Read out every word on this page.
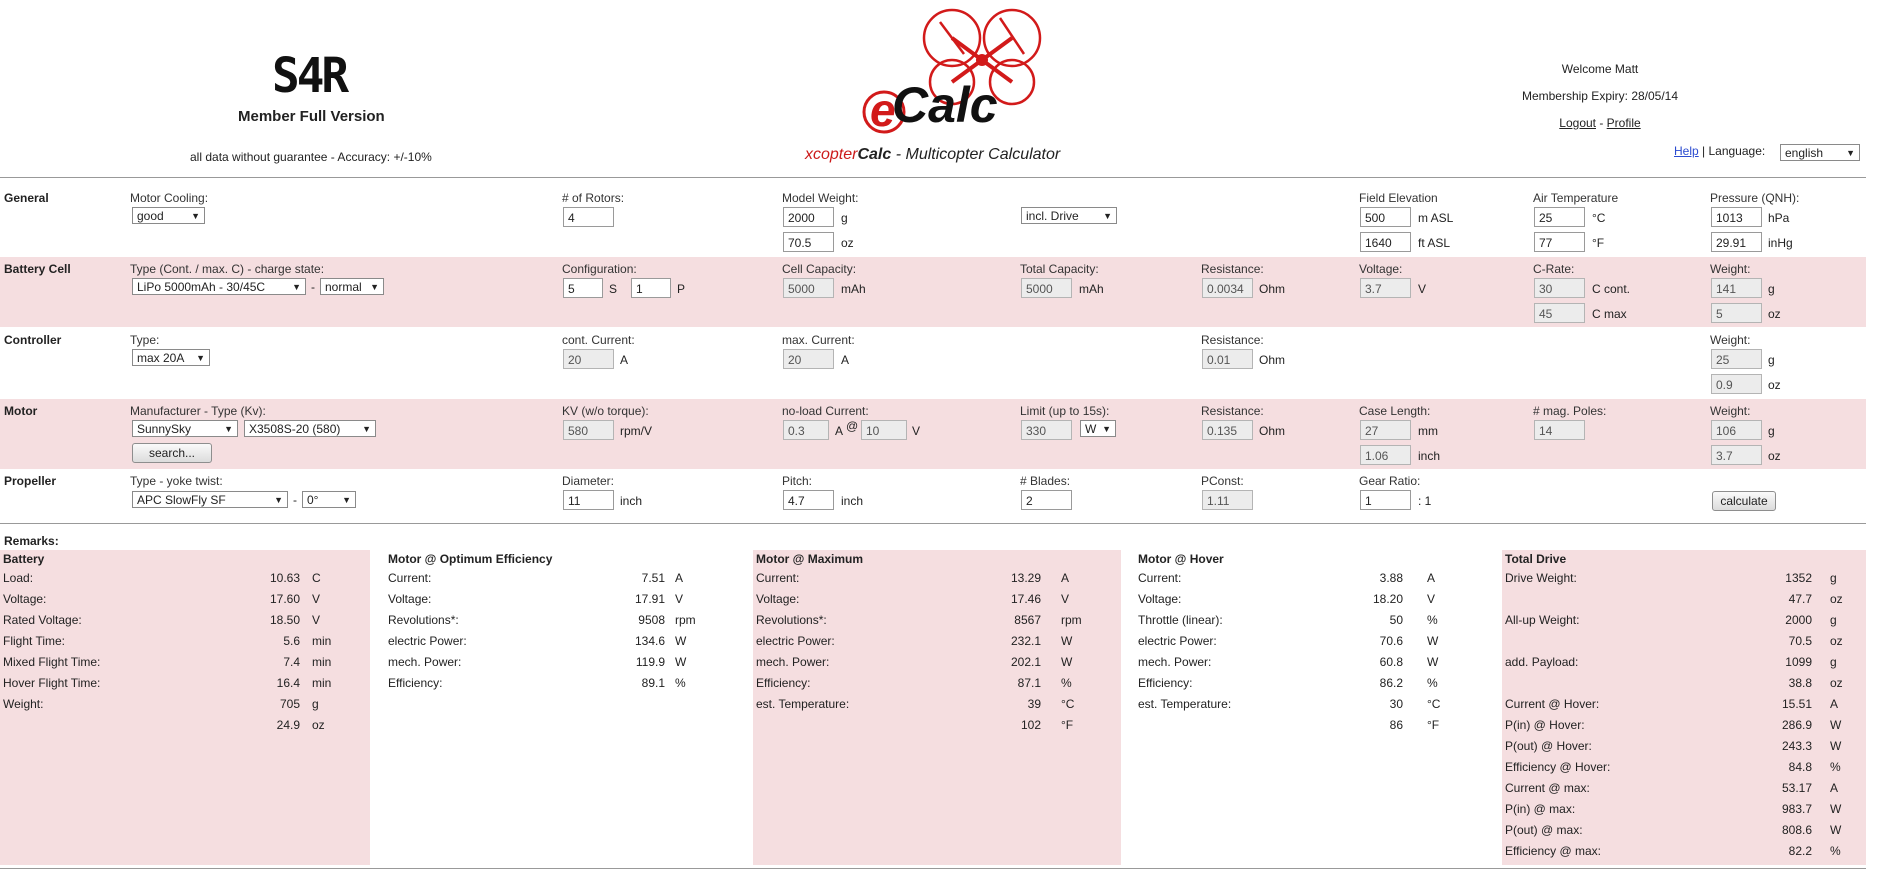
S4R
Member Full Version
all data without guarantee - Accuracy: +/-10%
e
Calc
xcopterCalc - Multicopter Calculator
Welcome Matt
Membership Expiry: 28/05/14
Logout - Profile
Help | Language:	english	▼
General	Motor Cooling:
good	▼
# of Rotors:
4
Model Weight:
2000	g
70.5	oz
incl. Drive	▼
Field Elevation
500	m ASL
1640	ft ASL
Air Temperature
25	°C
77	°F
Pressure (QNH):
1013	hPa
29.91	inHg
Battery Cell	Type (Cont. / max. C) - charge state:
LiPo 5000mAh - 30/45C	▼ - normal ▼
Configuration:
5	S	1	P
Cell Capacity:
5000	mAh
Total Capacity:
5000	mAh
Resistance:
0.0034	Ohm
Voltage:
3.7	V
C-Rate:
30	C cont.
45	C max
Weight:
141	g
5	oz
Controller	Type:
max 20A ▼
cont. Current:
20	A
max. Current:
20	A
Resistance:
0.01	Ohm
Weight:
25	g
0.9	oz
Motor	Manufacturer - Type (Kv):
SunnySky	▼	X3508S-20 (580) ▼
search...
KV (w/o torque):
580	rpm/V
no-load Current:
0.3	A @ 10	V
Limit (up to 15s):
330	W ▼
Resistance:
0.135	Ohm
Case Length:
27	mm
1.06	inch
# mag. Poles:
14
Weight:
106	g
3.7	oz
Propeller	Type - yoke twist:
APC SlowFly SF	▼ - 0°	▼
Diameter:
11	inch
Pitch:
4.7	inch
# Blades:
2
PConst:
1.11
Gear Ratio:
1	: 1	calculate
Remarks:
Battery
Load:	10.63 C
Voltage:	17.60 V
Rated Voltage:	18.50 V
Flight Time:	5.6 min
Mixed Flight Time:	7.4 min
Hover Flight Time:	16.4 min
Weight:	705 g
24.9 oz
Motor @ Optimum Efficiency
Current:	7.51 A
Voltage:	17.91 V
Revolutions*:	9508 rpm
electric Power:	134.6 W
mech. Power:	119.9 W
Efficiency:	89.1 %
Motor @ Maximum
Current:	13.29 A
Voltage:	17.46 V
Revolutions*:	8567 rpm
electric Power:	232.1 W
mech. Power:	202.1 W
Efficiency:	87.1 %
est. Temperature:	39 °C
102 °F
Motor @ Hover
Current:	3.88 A
Voltage:	18.20 V
Throttle (linear):	50 %
electric Power:	70.6 W
mech. Power:	60.8 W
Efficiency:	86.2 %
est. Temperature:	30 °C
86 °F
Total Drive
Drive Weight:	1352 g
47.7 oz
All-up Weight:	2000 g
70.5 oz
add. Payload:	1099 g
38.8 oz
Current @ Hover:	15.51 A
P(in) @ Hover:	286.9 W
P(out) @ Hover:	243.3 W
Efficiency @ Hover:	84.8 %
Current @ max:	53.17 A
P(in) @ max:	983.7 W
P(out) @ max:	808.6 W
Efficiency @ max:	82.2 %
